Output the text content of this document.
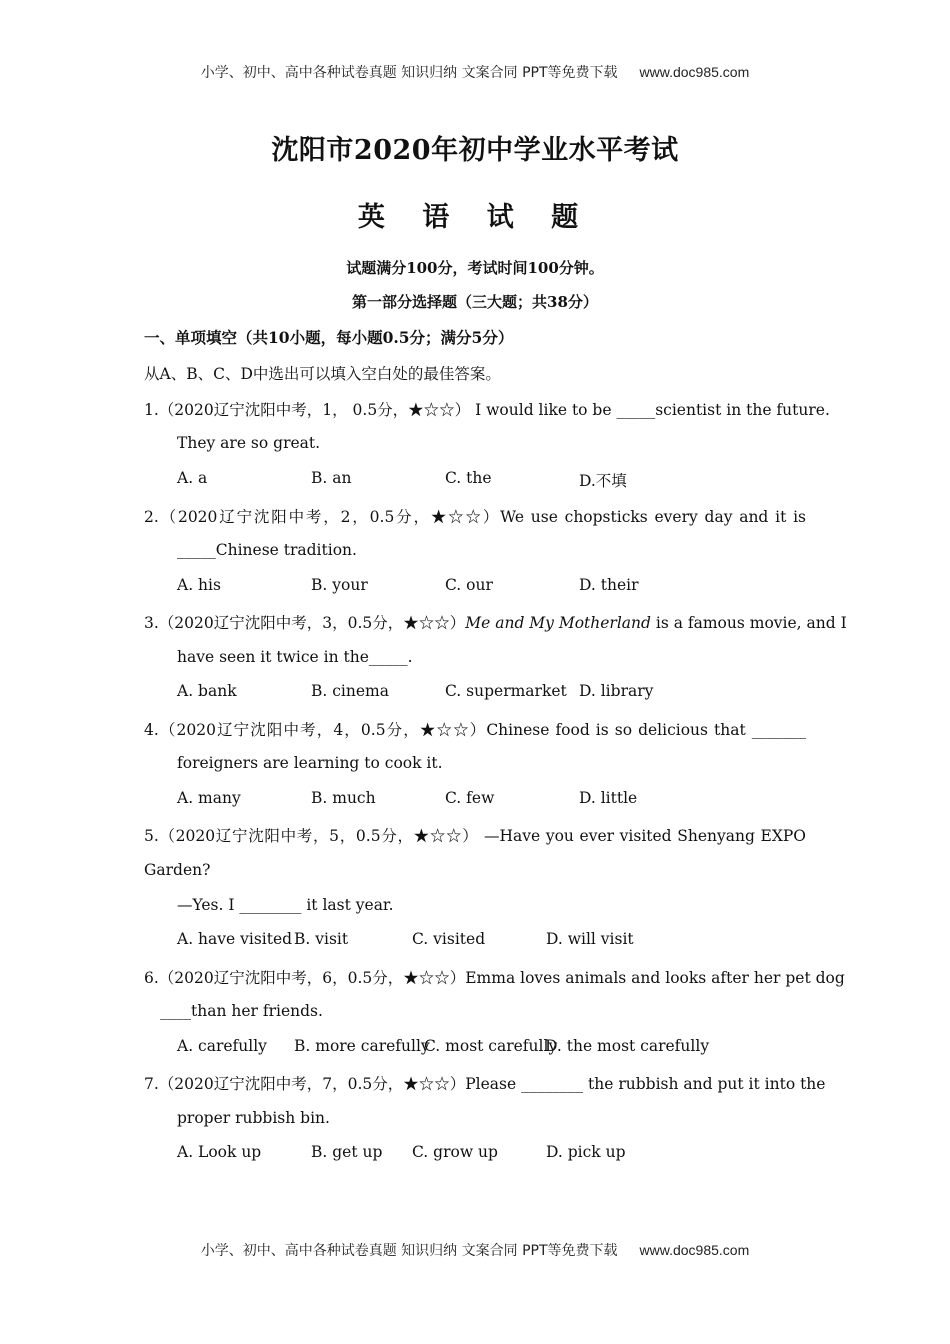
小学、初中、高中各种试卷真题 知识归纳 文案合同 PPT等免费下载 www.doc985.com
沈阳市2020年初中学业水平考试
英 语 试 题
试题满分100分，考试时间100分钟。
第一部分选择题（三大题；共38分）
一、单项填空（共10小题，每小题0.5分；满分5分）
从A、B、C、D中选出可以填入空白处的最佳答案。
1.（2020辽宁沈阳中考，1， 0.5分，★☆☆） I would like to be _____scientist in the future.
They are so great.
A. a	B. an	C. the	D.不填
2.（2020辽宁沈阳中考，2，0.5分，★☆☆）We use chopsticks every day and it is
_____Chinese tradition.
A. his	B. your	C. our	D. their
3.（2020辽宁沈阳中考，3，0.5分，★☆☆）Me and My Motherland is a famous movie, and I
have seen it twice in the_____.
A. bank	B. cinema	C. supermarket D. library
4.（2020辽宁沈阳中考，4，0.5分，★☆☆）Chinese food is so delicious that _______
foreigners are learning to cook it.
A. many	B. much	C. few	D. little
5.（2020辽宁沈阳中考，5，0.5分，★☆☆） —Have you ever visited Shenyang EXPO
Garden?
—Yes. I ________ it last year.
A. have visited B. visit	C. visited	D. will visit
6.（2020辽宁沈阳中考，6，0.5分，★☆☆）Emma loves animals and looks after her pet dog
____than her friends.
A. carefully B. more carefully
C. most carefully
D. the most carefully
7.（2020辽宁沈阳中考，7，0.5分，★☆☆）Please ________ the rubbish and put it into the
proper rubbish bin.
A. Look up	B. get up C. grow up	D. pick up
小学、初中、高中各种试卷真题 知识归纳 文案合同 PPT等免费下载 www.doc985.com
